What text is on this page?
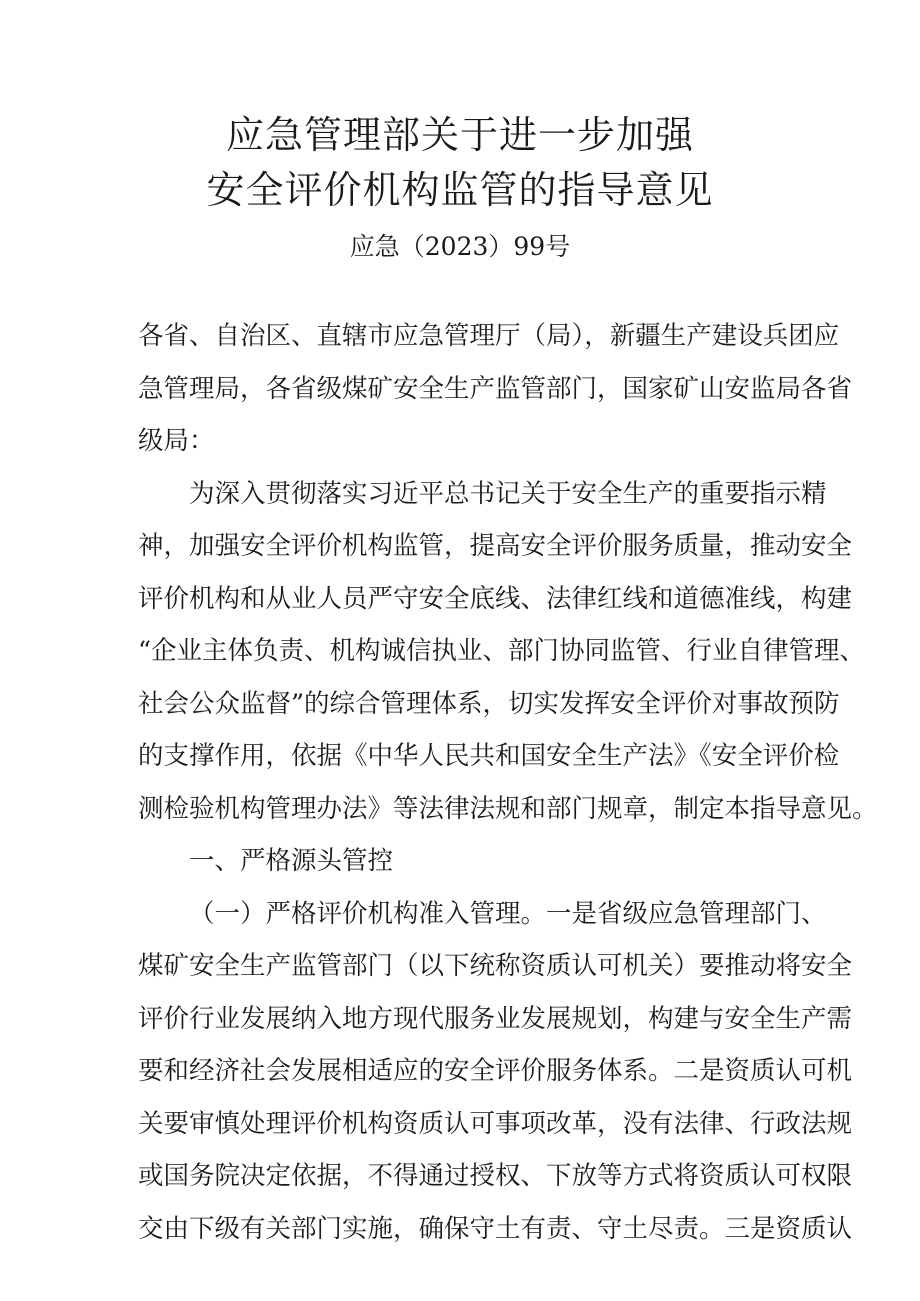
应急管理部关于进一步加强
安全评价机构监管的指导意见
应急（2023）99号
各省、自治区、直辖市应急管理厅（局），新疆生产建设兵团应
急管理局，各省级煤矿安全生产监管部门，国家矿山安监局各省
级局：
为深入贯彻落实习近平总书记关于安全生产的重要指示精
神，加强安全评价机构监管，提高安全评价服务质量，推动安全
评价机构和从业人员严守安全底线、法律红线和道德准线，构建
“企业主体负责、机构诚信执业、部门协同监管、行业自律管理、
社会公众监督”的综合管理体系，切实发挥安全评价对事故预防
的支撑作用，依据《中华人民共和国安全生产法》《安全评价检
测检验机构管理办法》等法律法规和部门规章，制定本指导意见。
一、严格源头管控
（一）严格评价机构准入管理。一是省级应急管理部门、
煤矿安全生产监管部门（以下统称资质认可机关）要推动将安全
评价行业发展纳入地方现代服务业发展规划，构建与安全生产需
要和经济社会发展相适应的安全评价服务体系。二是资质认可机
关要审慎处理评价机构资质认可事项改革，没有法律、行政法规
或国务院决定依据，不得通过授权、下放等方式将资质认可权限
交由下级有关部门实施，确保守土有责、守土尽责。三是资质认
